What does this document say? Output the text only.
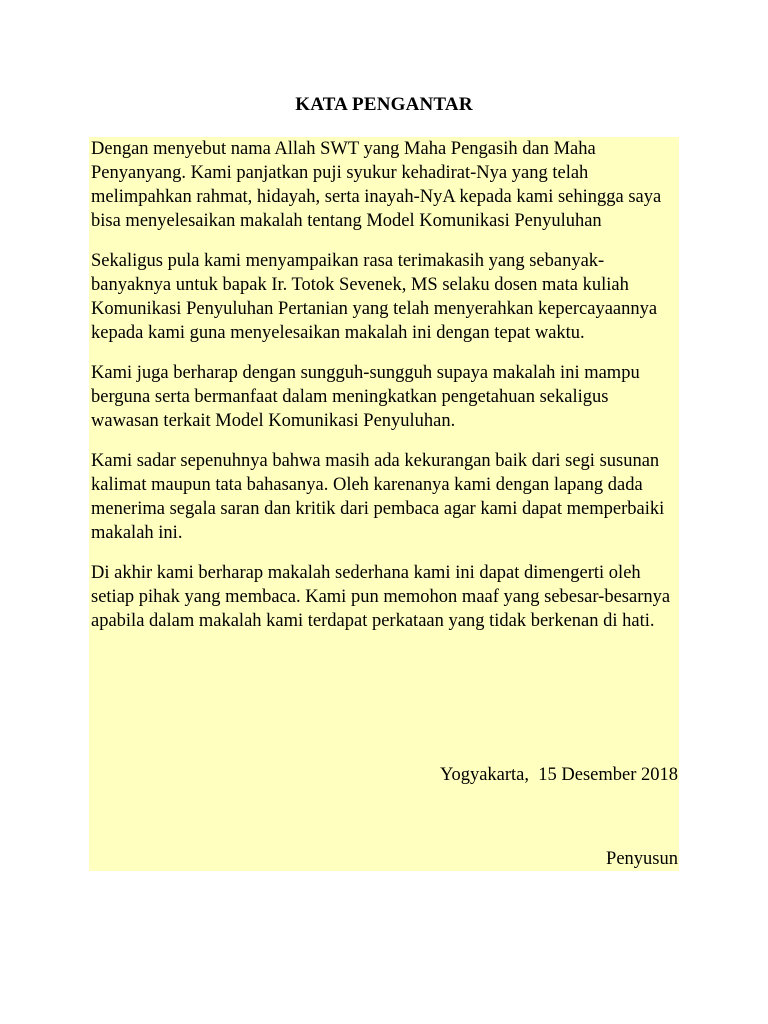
KATA PENGANTAR

Dengan menyebut nama Allah SWT yang Maha Pengasih dan Maha Penyanyang. Kami panjatkan puji syukur kehadirat-Nya yang telah melimpahkan rahmat, hidayah, serta inayah-NyA kepada kami sehingga saya bisa menyelesaikan makalah tentang Model Komunikasi Penyuluhan

Sekaligus pula kami menyampaikan rasa terimakasih yang sebanyak-banyaknya untuk bapak Ir. Totok Sevenek, MS selaku dosen mata kuliah Komunikasi Penyuluhan Pertanian yang telah menyerahkan kepercayaannya kepada kami guna menyelesaikan makalah ini dengan tepat waktu.

Kami juga berharap dengan sungguh-sungguh supaya makalah ini mampu berguna serta bermanfaat dalam meningkatkan pengetahuan sekaligus wawasan terkait Model Komunikasi Penyuluhan.

Kami sadar sepenuhnya bahwa masih ada kekurangan baik dari segi susunan kalimat maupun tata bahasanya. Oleh karenanya kami dengan lapang dada menerima segala saran dan kritik dari pembaca agar kami dapat memperbaiki makalah ini.

Di akhir kami berharap makalah sederhana kami ini dapat dimengerti oleh setiap pihak yang membaca. Kami pun memohon maaf yang sebesar-besarnya apabila dalam makalah kami terdapat perkataan yang tidak berkenan di hati.

Yogyakarta,  15 Desember 2018
Penyusun
